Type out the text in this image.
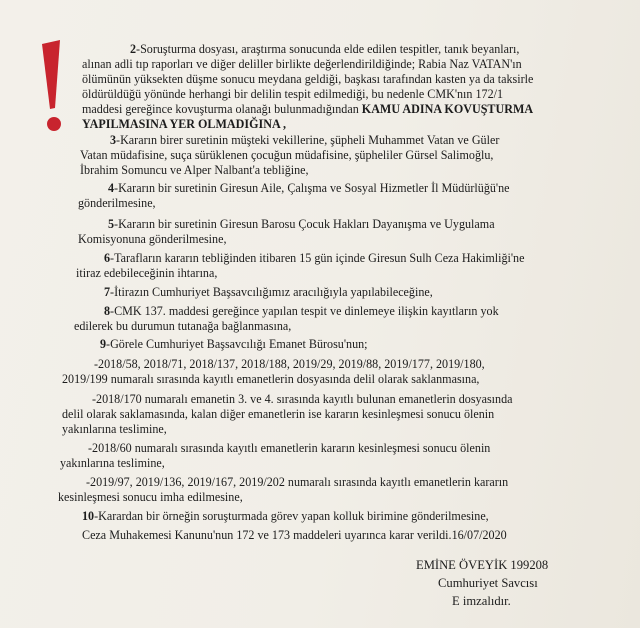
2-Soruşturma dosyası, araştırma sonucunda elde edilen tespitler, tanık beyanları,

alınan adli tıp raporları ve diğer deliller birlikte değerlendirildiğinde; Rabia Naz VATAN'ın

ölümünün yüksekten düşme sonucu meydana geldiği, başkası tarafından kasten ya da taksirle

öldürüldüğü yönünde herhangi bir delilin tespit edilmediği, bu nedenle CMK'nın 172/1

maddesi gereğince kovuşturma olanağı bulunmadığından KAMU ADINA KOVUŞTURMA

YAPILMASINA YER OLMADIĞINA ,

3-Kararın birer suretinin müşteki vekillerine, şüpheli Muhammet Vatan ve Güler

Vatan müdafisine, suça sürüklenen çocuğun müdafisine, şüpheliler Gürsel Salimoğlu,

İbrahim Somuncu ve Alper Nalbant'a tebliğine,

4-Kararın bir suretinin Giresun Aile, Çalışma ve Sosyal Hizmetler İl Müdürlüğü'ne

gönderilmesine,

5-Kararın bir suretinin Giresun Barosu Çocuk Hakları Dayanışma ve Uygulama

Komisyonuna gönderilmesine,

6-Tarafların kararın tebliğinden itibaren 15 gün içinde Giresun Sulh Ceza Hakimliği'ne

itiraz edebileceğinin ihtarına,

7-İtirazın Cumhuriyet Başsavcılığımız aracılığıyla yapılabileceğine,

8-CMK 137. maddesi gereğince yapılan tespit ve dinlemeye ilişkin kayıtların yok

edilerek bu durumun tutanağa bağlanmasına,

9-Görele Cumhuriyet Başsavcılığı Emanet Bürosu'nun;

-2018/58, 2018/71, 2018/137, 2018/188, 2019/29, 2019/88, 2019/177, 2019/180,

2019/199 numaralı sırasında kayıtlı emanetlerin dosyasında delil olarak saklanmasına,

-2018/170 numaralı emanetin 3. ve 4. sırasında kayıtlı bulunan emanetlerin dosyasında

delil olarak saklamasında, kalan diğer emanetlerin ise kararın kesinleşmesi sonucu ölenin

yakınlarına teslimine,

-2018/60 numaralı sırasında kayıtlı emanetlerin kararın kesinleşmesi sonucu ölenin

yakınlarına teslimine,

-2019/97, 2019/136, 2019/167, 2019/202 numaralı sırasında kayıtlı emanetlerin kararın

kesinleşmesi sonucu imha edilmesine,

10-Karardan bir örneğin soruşturmada görev yapan kolluk birimine gönderilmesine,

Ceza Muhakemesi Kanunu'nun 172 ve 173 maddeleri uyarınca karar verildi.16/07/2020

EMİNE ÖVEYİK 199208
Cumhuriyet Savcısı
E imzalıdır.
